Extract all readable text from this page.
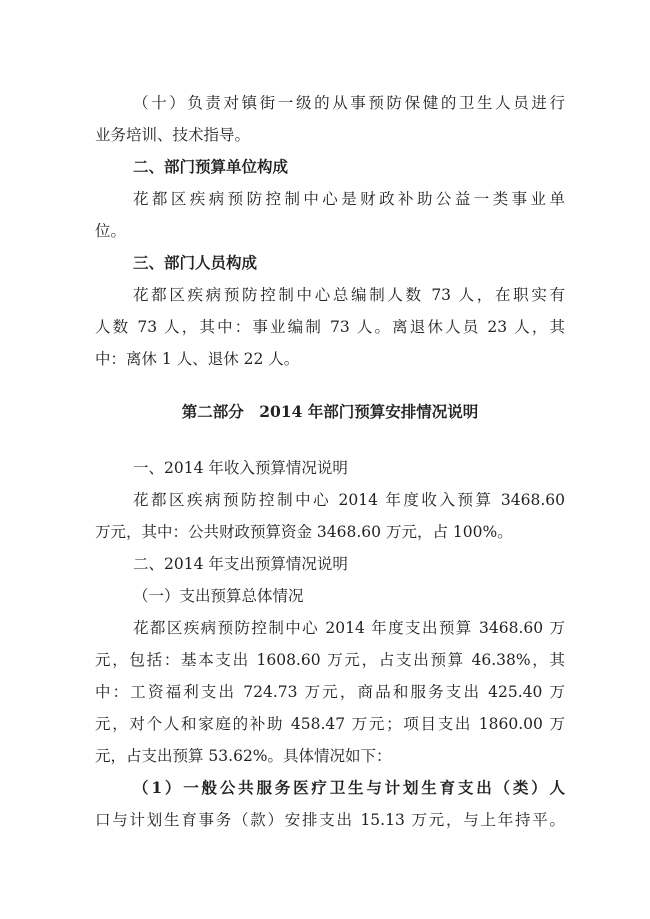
（十）负责对镇街一级的从事预防保健的卫生人员进行
业务培训、技术指导。
二、部门预算单位构成
花都区疾病预防控制中心是财政补助公益一类事业单
位。
三、部门人员构成
花都区疾病预防控制中心总编制人数 73 人，在职实有
人数 73 人，其中：事业编制 73 人。离退休人员 23 人，其
中：离休 1 人、退休 22 人。
第二部分　2014 年部门预算安排情况说明
一、2014 年收入预算情况说明
花都区疾病预防控制中心 2014 年度收入预算 3468.60
万元，其中：公共财政预算资金 3468.60 万元，占 100%。
二、2014 年支出预算情况说明
（一）支出预算总体情况
花都区疾病预防控制中心 2014 年度支出预算 3468.60 万
元，包括：基本支出 1608.60 万元，占支出预算 46.38%，其
中：工资福利支出 724.73 万元，商品和服务支出 425.40 万
元，对个人和家庭的补助 458.47 万元；项目支出 1860.00 万
元，占支出预算 53.62%。具体情况如下：
（1）一般公共服务医疗卫生与计划生育支出（类）人
口与计划生育事务（款）安排支出 15.13 万元，与上年持平。
